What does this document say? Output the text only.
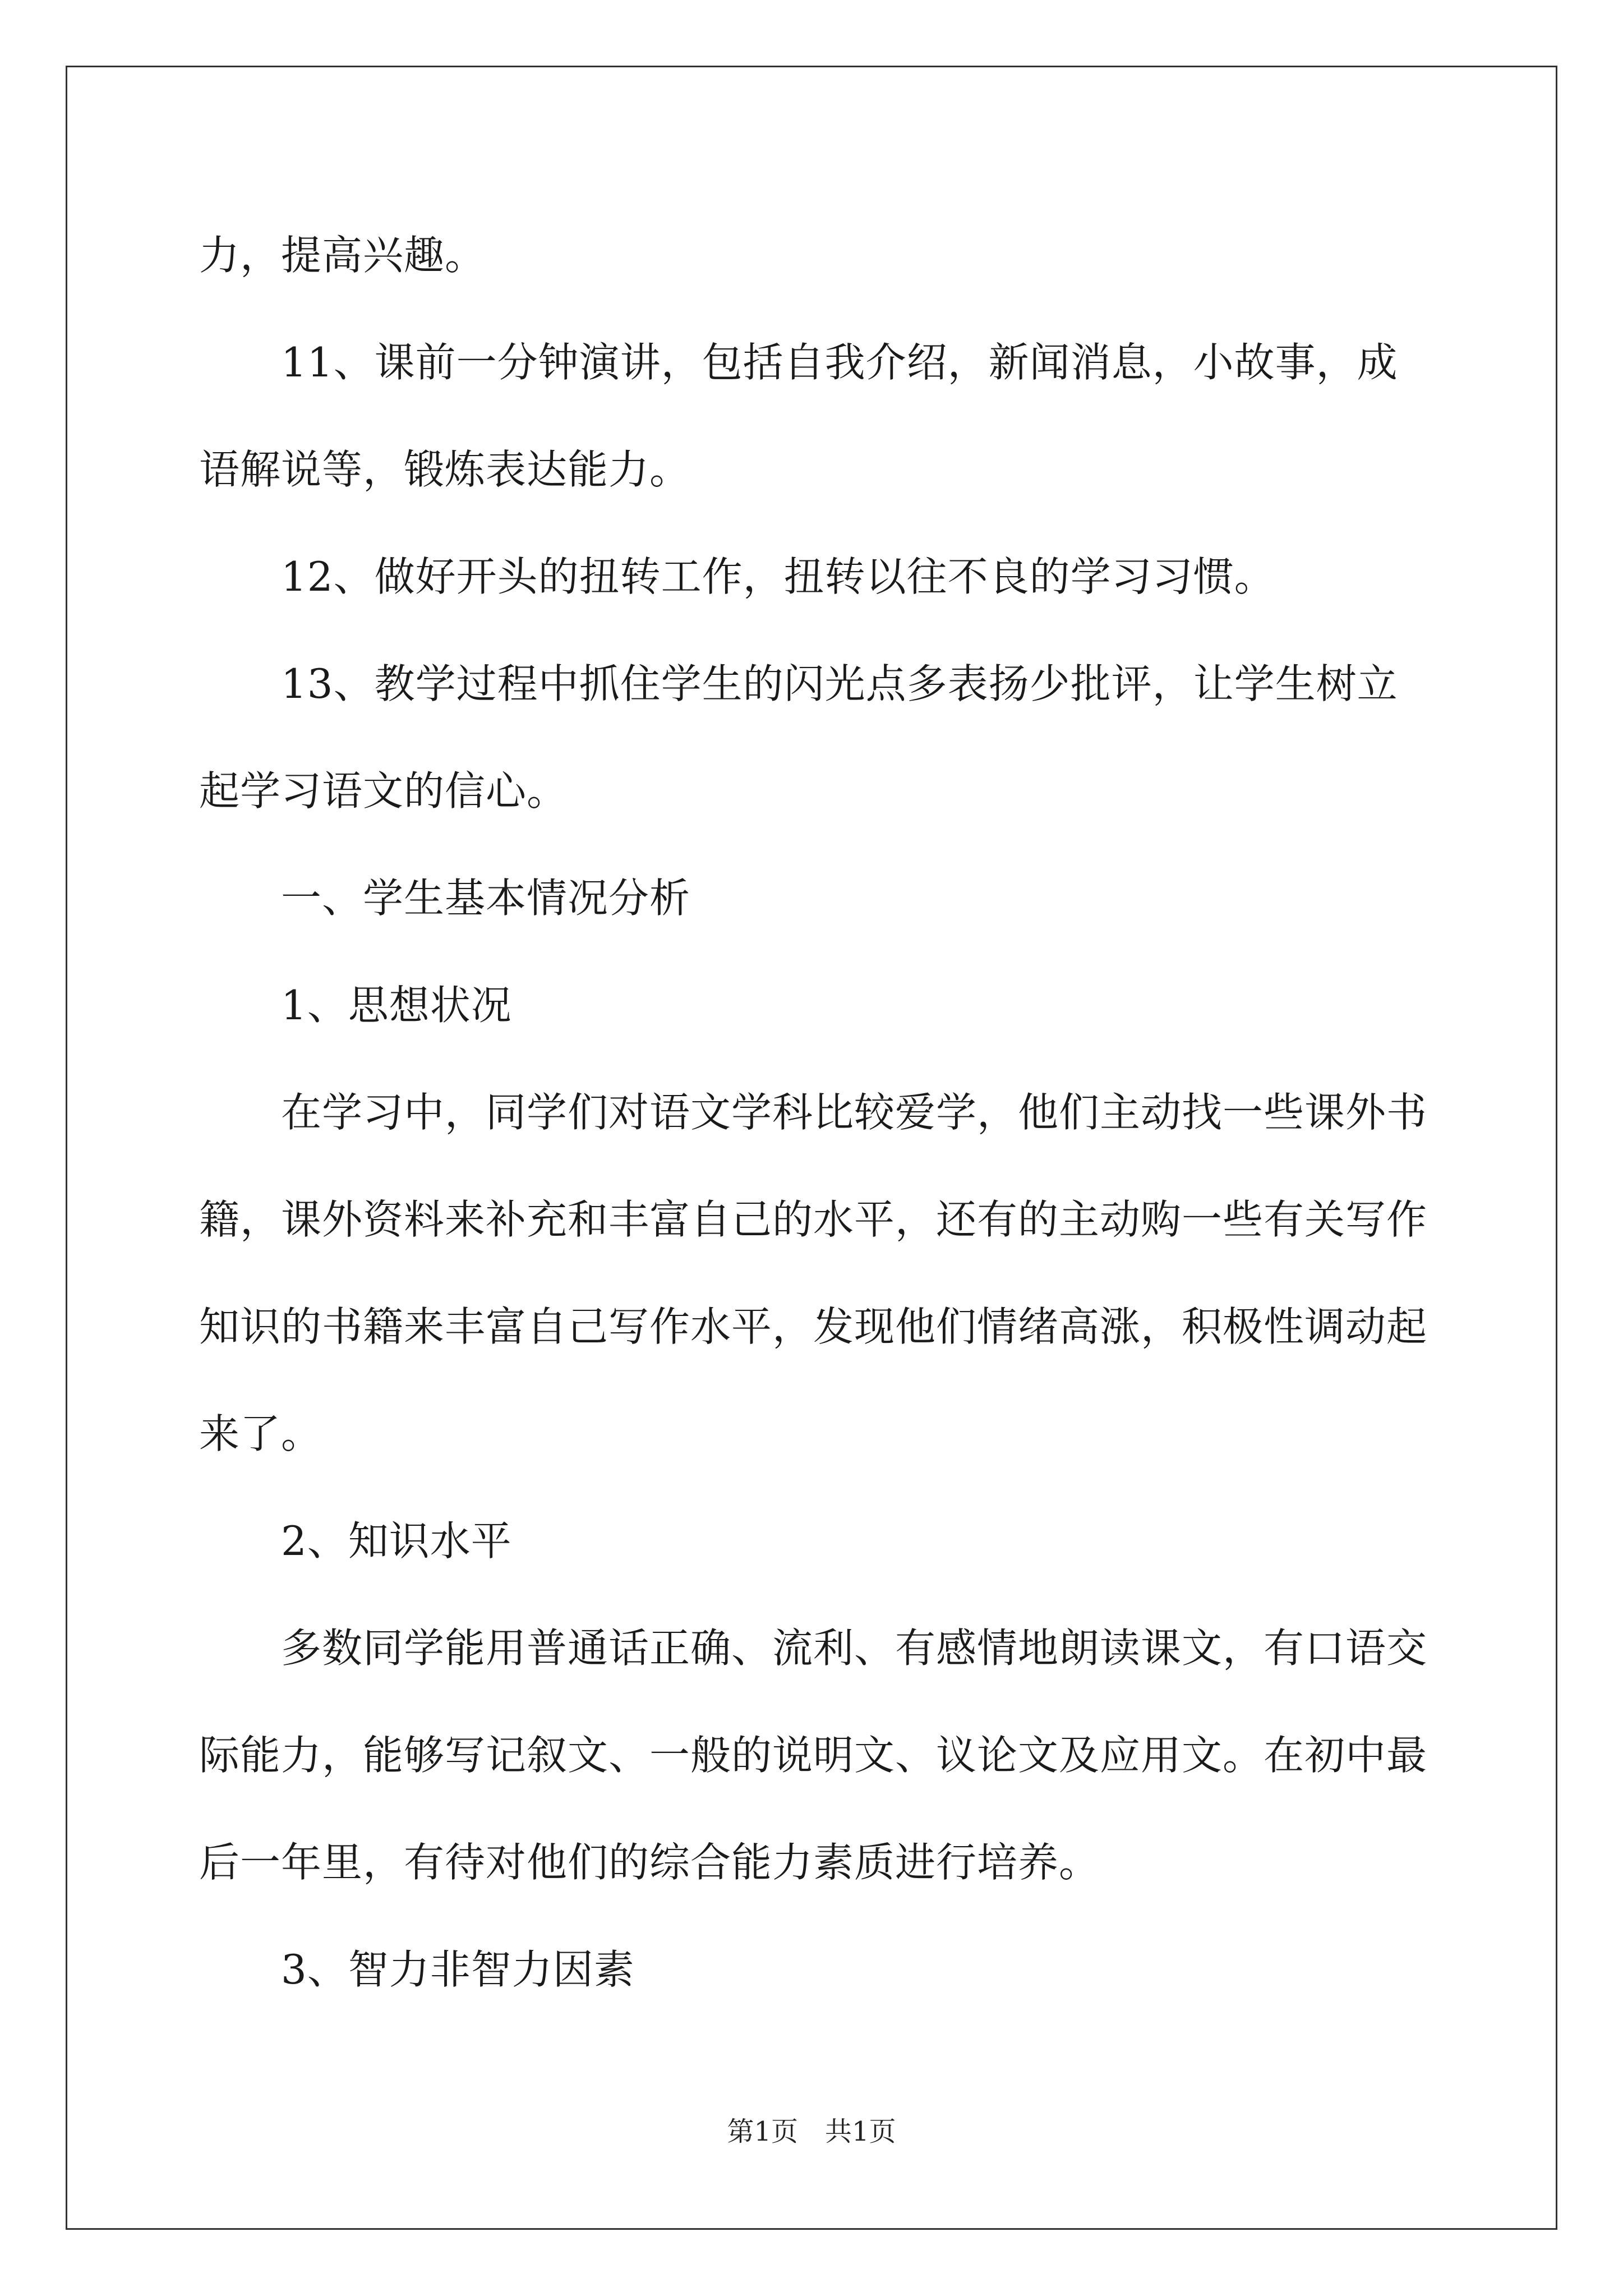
力，提高兴趣。

　　11、课前一分钟演讲，包括自我介绍，新闻消息，小故事，成语解说等，锻炼表达能力。

　　12、做好开头的扭转工作，扭转以往不良的学习习惯。

　　13、教学过程中抓住学生的闪光点多表扬少批评，让学生树立起学习语文的信心。

　　一、学生基本情况分析

　　1、思想状况

　　在学习中，同学们对语文学科比较爱学，他们主动找一些课外书籍，课外资料来补充和丰富自己的水平，还有的主动购一些有关写作知识的书籍来丰富自己写作水平，发现他们情绪高涨，积极性调动起来了。

　　2、知识水平

　　多数同学能用普通话正确、流利、有感情地朗读课文，有口语交际能力，能够写记叙文、一般的说明文、议论文及应用文。在初中最后一年里，有待对他们的综合能力素质进行培养。

　　3、智力非智力因素

第1页　共1页
